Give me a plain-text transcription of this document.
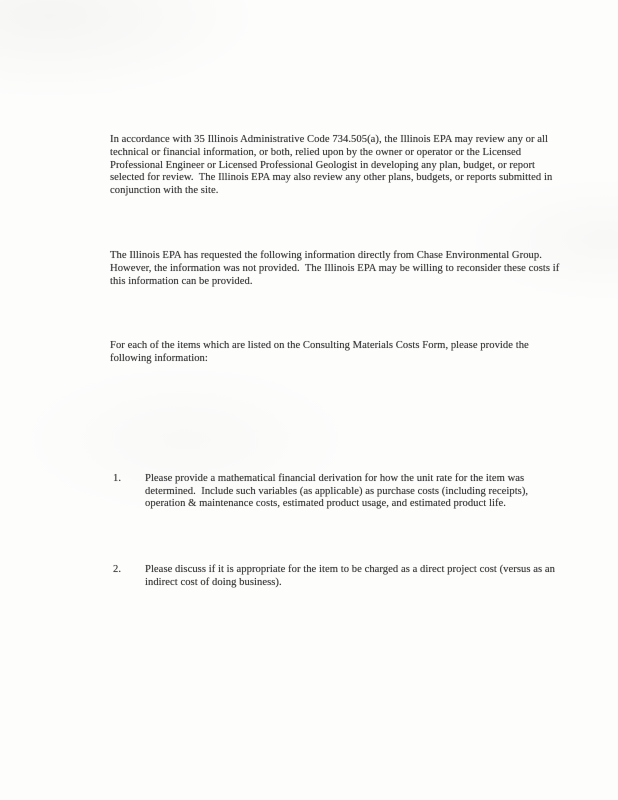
In accordance with 35 Illinois Administrative Code 734.505(a), the Illinois EPA may review any or all technical or financial information, or both, relied upon by the owner or operator or the Licensed Professional Engineer or Licensed Professional Geologist in developing any plan, budget, or report selected for review.  The Illinois EPA may also review any other plans, budgets, or reports submitted in conjunction with the site.

The Illinois EPA has requested the following information directly from Chase Environmental Group.  However, the information was not provided.  The Illinois EPA may be willing to reconsider these costs if this information can be provided.

For each of the items which are listed on the Consulting Materials Costs Form, please provide the following information:

1.	Please provide a mathematical financial derivation for how the unit rate for the item was determined.  Include such variables (as applicable) as purchase costs (including receipts), operation & maintenance costs, estimated product usage, and estimated product life.

2.	Please discuss if it is appropriate for the item to be charged as a direct project cost (versus as an indirect cost of doing business).
